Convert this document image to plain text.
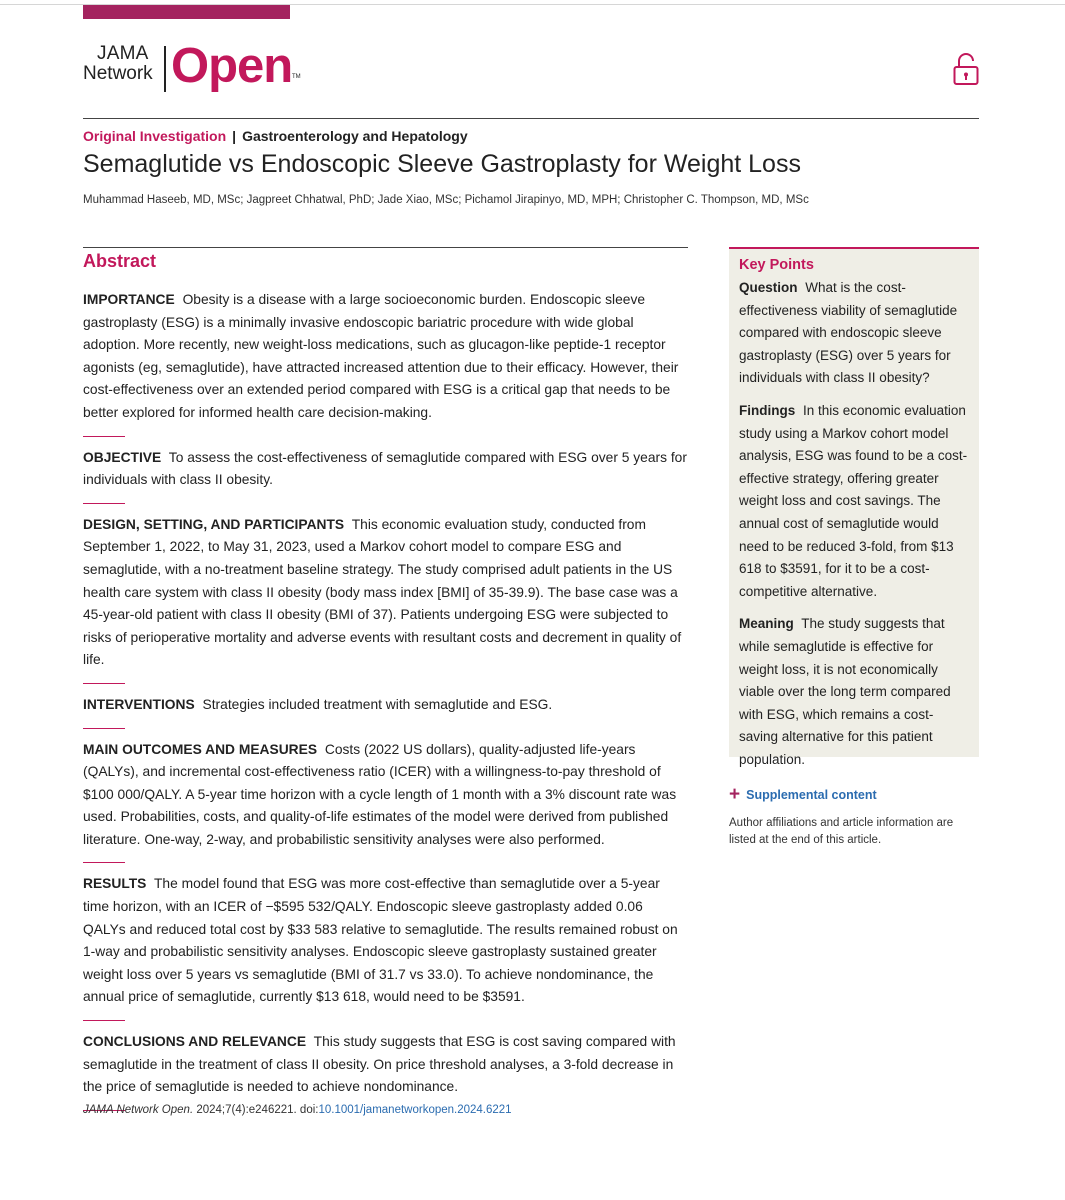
JAMA
Network Open TM
Original Investigation | Gastroenterology and Hepatology
Semaglutide vs Endoscopic Sleeve Gastroplasty for Weight Loss
Muhammad Haseeb, MD, MSc; Jagpreet Chhatwal, PhD; Jade Xiao, MSc; Pichamol Jirapinyo, MD, MPH; Christopher C. Thompson, MD, MSc
Abstract

IMPORTANCE Obesity is a disease with a large socioeconomic burden. Endoscopic sleeve gastroplasty (ESG) is a minimally invasive endoscopic bariatric procedure with wide global adoption. More recently, new weight-loss medications, such as glucagon-like peptide-1 receptor agonists (eg, semaglutide), have attracted increased attention due to their efficacy. However, their cost-effectiveness over an extended period compared with ESG is a critical gap that needs to be better explored for informed health care decision-making.

OBJECTIVE To assess the cost-effectiveness of semaglutide compared with ESG over 5 years for individuals with class II obesity.

DESIGN, SETTING, AND PARTICIPANTS This economic evaluation study, conducted from September 1, 2022, to May 31, 2023, used a Markov cohort model to compare ESG and semaglutide, with a no-treatment baseline strategy. The study comprised adult patients in the US health care system with class II obesity (body mass index [BMI] of 35-39.9). The base case was a 45-year-old patient with class II obesity (BMI of 37). Patients undergoing ESG were subjected to risks of perioperative mortality and adverse events with resultant costs and decrement in quality of life.

INTERVENTIONS Strategies included treatment with semaglutide and ESG.

MAIN OUTCOMES AND MEASURES Costs (2022 US dollars), quality-adjusted life-years (QALYs), and incremental cost-effectiveness ratio (ICER) with a willingness-to-pay threshold of $100 000/QALY. A 5-year time horizon with a cycle length of 1 month with a 3% discount rate was used. Probabilities, costs, and quality-of-life estimates of the model were derived from published literature. One-way, 2-way, and probabilistic sensitivity analyses were also performed.

RESULTS The model found that ESG was more cost-effective than semaglutide over a 5-year time horizon, with an ICER of −$595 532/QALY. Endoscopic sleeve gastroplasty added 0.06 QALYs and reduced total cost by $33 583 relative to semaglutide. The results remained robust on 1-way and probabilistic sensitivity analyses. Endoscopic sleeve gastroplasty sustained greater weight loss over 5 years vs semaglutide (BMI of 31.7 vs 33.0). To achieve nondominance, the annual price of semaglutide, currently $13 618, would need to be $3591.

CONCLUSIONS AND RELEVANCE This study suggests that ESG is cost saving compared with semaglutide in the treatment of class II obesity. On price threshold analyses, a 3-fold decrease in the price of semaglutide is needed to achieve nondominance.

JAMA Network Open. 2024;7(4):e246221. doi:10.1001/jamanetworkopen.2024.6221
Key Points
Question What is the cost-effectiveness viability of semaglutide compared with endoscopic sleeve gastroplasty (ESG) over 5 years for individuals with class II obesity?
Findings In this economic evaluation study using a Markov cohort model analysis, ESG was found to be a cost-effective strategy, offering greater weight loss and cost savings. The annual cost of semaglutide would need to be reduced 3-fold, from $13 618 to $3591, for it to be a cost-competitive alternative.
Meaning The study suggests that while semaglutide is effective for weight loss, it is not economically viable over the long term compared with ESG, which remains a cost-saving alternative for this patient population.
+ Supplemental content
Author affiliations and article information are listed at the end of this article.
